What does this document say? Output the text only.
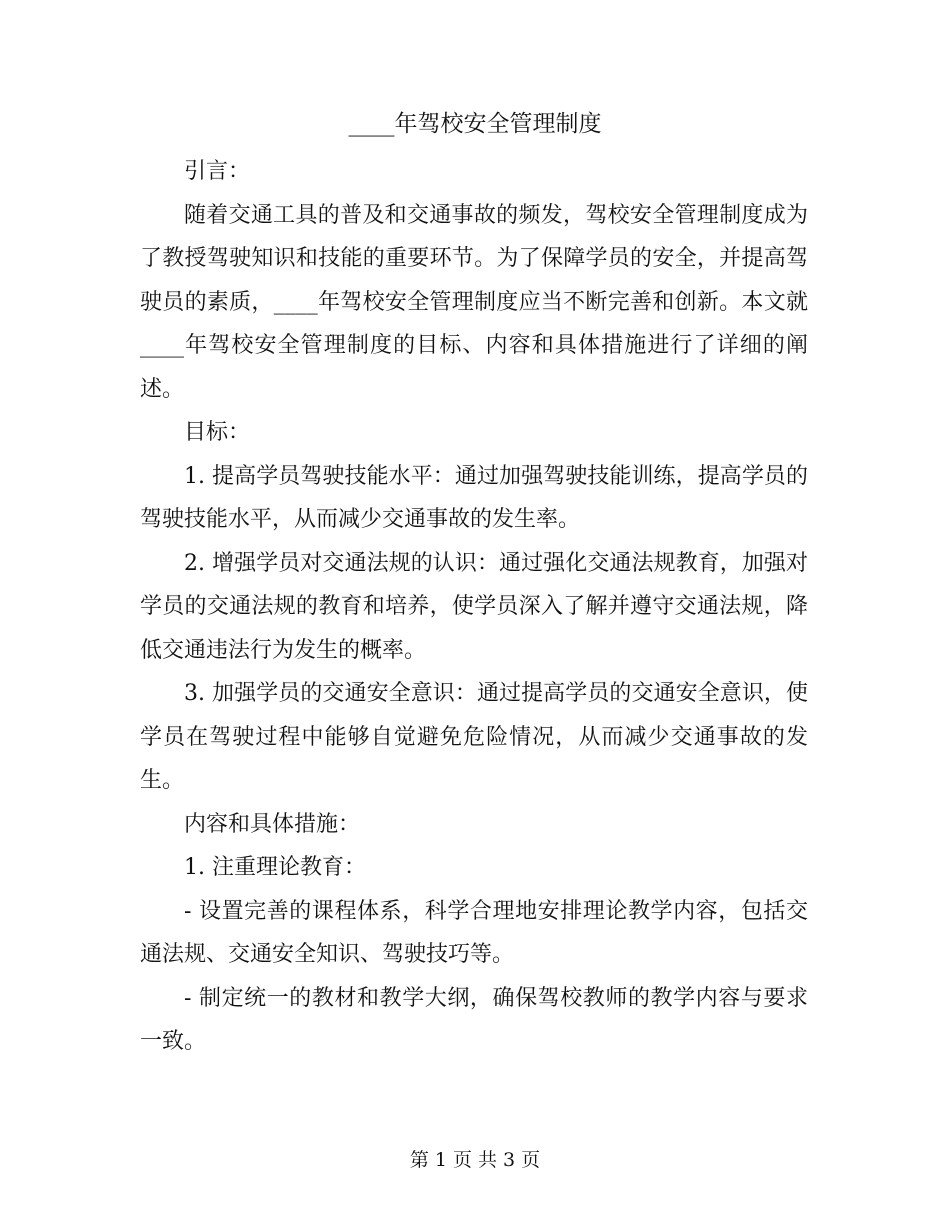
____年驾校安全管理制度

引言：

随着交通工具的普及和交通事故的频发，驾校安全管理制度成为了教授驾驶知识和技能的重要环节。为了保障学员的安全，并提高驾驶员的素质，____年驾校安全管理制度应当不断完善和创新。本文就____年驾校安全管理制度的目标、内容和具体措施进行了详细的阐述。

目标：

1. 提高学员驾驶技能水平：通过加强驾驶技能训练，提高学员的驾驶技能水平，从而减少交通事故的发生率。

2. 增强学员对交通法规的认识：通过强化交通法规教育，加强对学员的交通法规的教育和培养，使学员深入了解并遵守交通法规，降低交通违法行为发生的概率。

3. 加强学员的交通安全意识：通过提高学员的交通安全意识，使学员在驾驶过程中能够自觉避免危险情况，从而减少交通事故的发生。

内容和具体措施：

1. 注重理论教育：

- 设置完善的课程体系，科学合理地安排理论教学内容，包括交通法规、交通安全知识、驾驶技巧等。

- 制定统一的教材和教学大纲，确保驾校教师的教学内容与要求一致。

第 1 页 共 3 页
